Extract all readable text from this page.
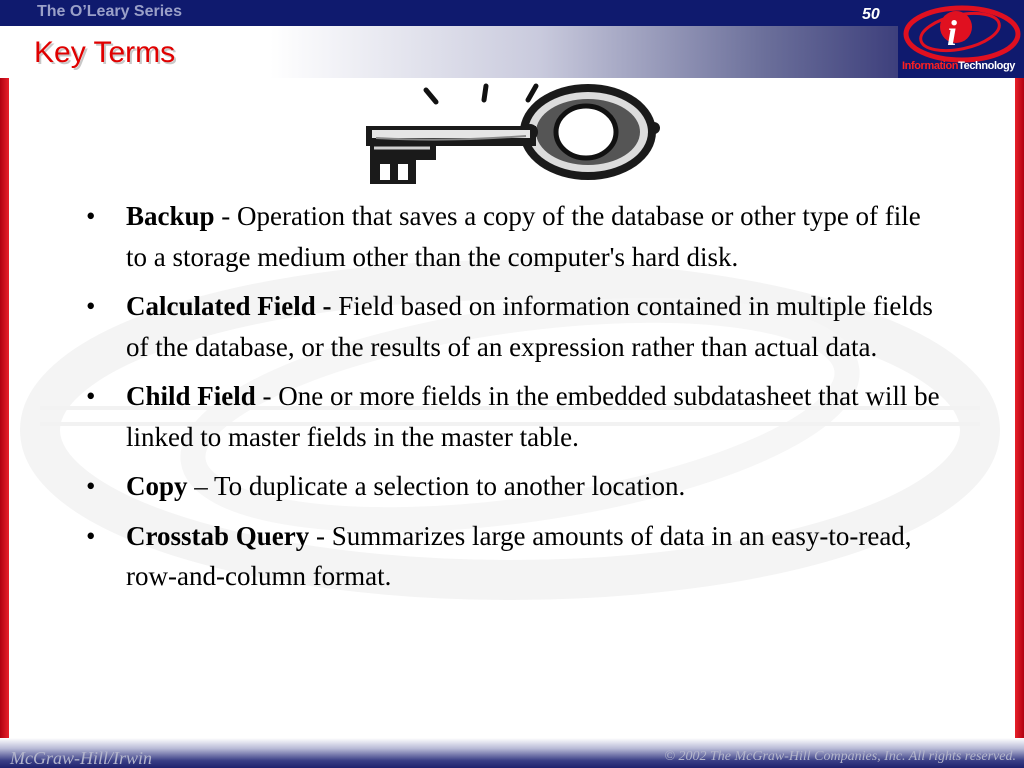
The O’Leary Series	50
Key Terms	i
InformationTechnology
• Backup - Operation that saves a copy of the database or other type of file to a storage medium other than the computer's hard disk.
• Calculated Field - Field based on information contained in multiple fields of the database, or the results of an expression rather than actual data.
• Child Field - One or more fields in the embedded subdatasheet that will be linked to master fields in the master table.
• Copy – To duplicate a selection to another location.
• Crosstab Query - Summarizes large amounts of data in an easy-to-read, row-and-column format.
McGraw-Hill/Irwin	© 2002 The McGraw-Hill Companies, Inc. All rights reserved.
